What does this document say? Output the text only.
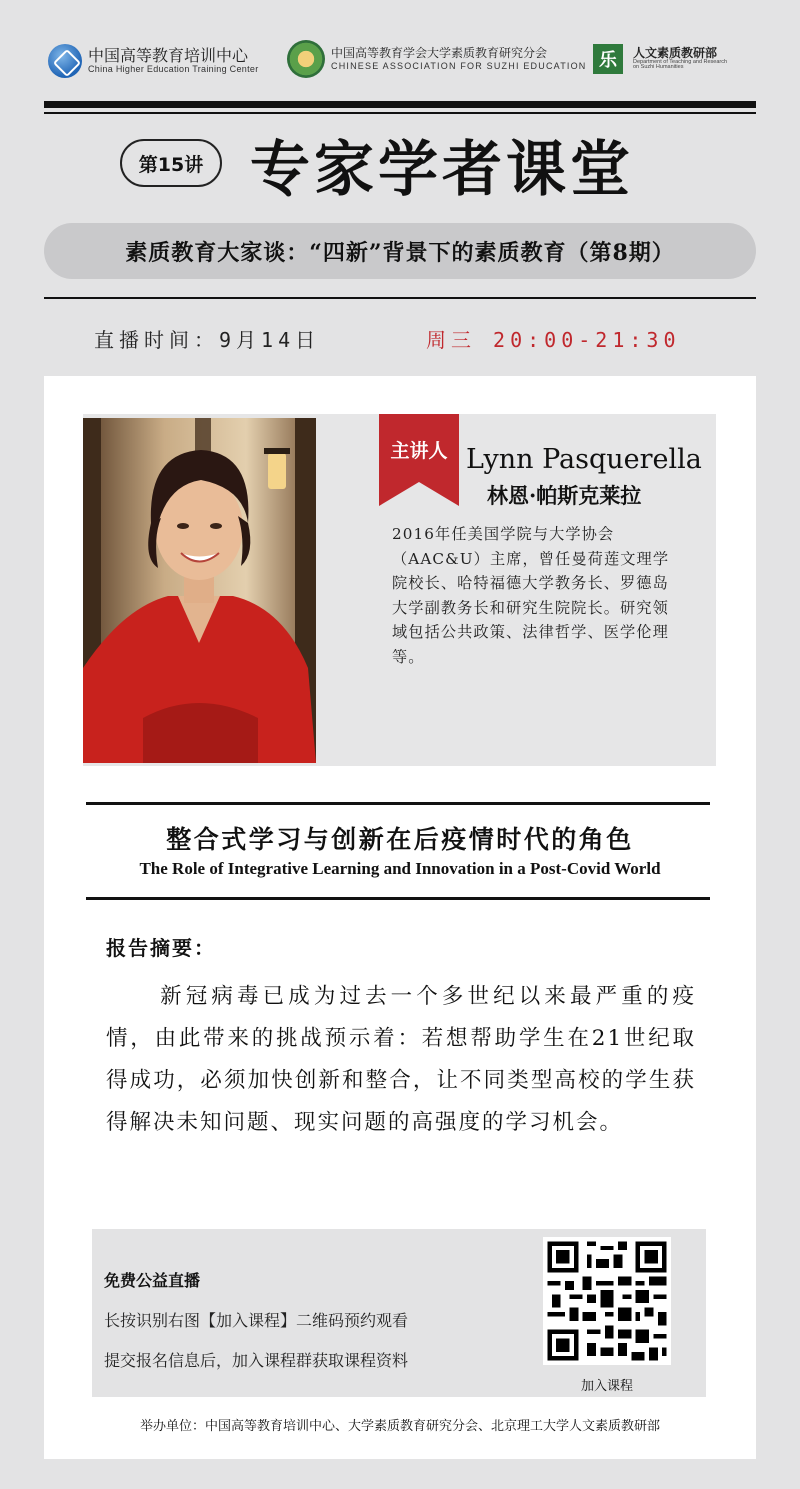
中国高等教育培训中心
China Higher Education Training Center
中国高等教育学会大学素质教育研究分会
CHINESE ASSOCIATION FOR SUZHI EDUCATION 乐	人文素质教研部
Department of Teaching and Research on Suzhi Humanities
第15讲 专家学者课堂
素质教育大家谈：“四新”背景下的素质教育（第8期）
直播时间：9月14日	周三 20:00-21:30
主讲人 Lynn Pasquerella
林恩·帕斯克莱拉
2016年任美国学院与大学协会（AAC&U）主席，曾任曼荷莲文理学院校长、哈特福德大学教务长、罗德岛大学副教务长和研究生院院长。研究领域包括公共政策、法律哲学、医学伦理等。
整合式学习与创新在后疫情时代的角色
The Role of Integrative Learning and Innovation in a Post-Covid World
报告摘要：
新冠病毒已成为过去一个多世纪以来最严重的疫情，由此带来的挑战预示着：若想帮助学生在21世纪取得成功，必须加快创新和整合，让不同类型高校的学生获得解决未知问题、现实问题的高强度的学习机会。
免费公益直播
长按识别右图【加入课程】二维码预约观看
提交报名信息后，加入课程群获取课程资料
加入课程
举办单位：中国高等教育培训中心、大学素质教育研究分会、北京理工大学人文素质教研部
